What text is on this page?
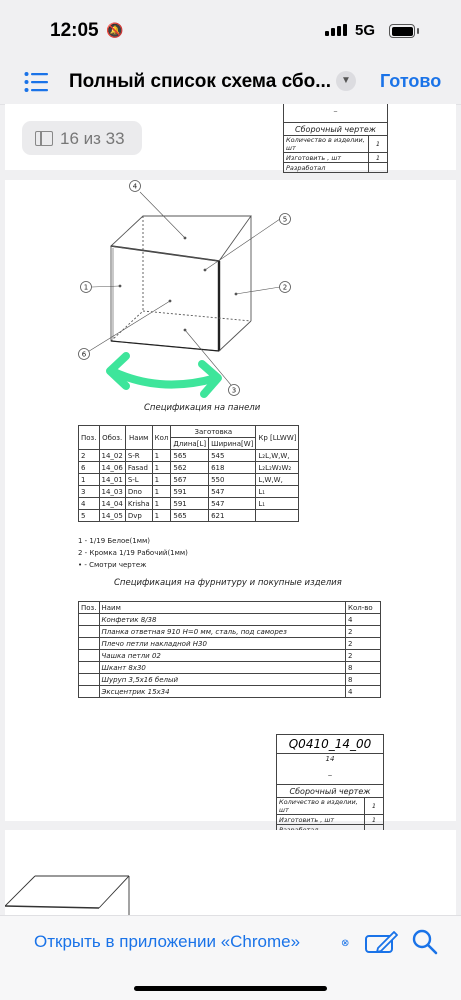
12:05 🔕	5G
Полный список схема сбо... ▼ Готово
16 из 33
_
Сборочный чертеж	
Количество в изделии, шт	1
Изготовить , шт	1
Разработал	
1	2
3
4
5
6
Спецификация на панели
Поз.	Обоз.	Наим	Кол	Заготовка		Кр [LLWW]
				Длина[L]	Ширина[W]	
2	14_02	S-R	1	565	545	L₂L,W,W,
6	14_06	Fasad	1	562	618	L₂L₂W₂W₂
1	14_01	S-L	1	567	550	L,W,W,
3	14_03	Dno	1	591	547	L₁
4	14_04	Krisha	1	591	547	L₁
5	14_05	Dvp	1	565	621	
1 - 1/19 Белое(1мм)
2 - Кромка 1/19 Рабочий(1мм)
• - Смотри чертеж
Спецификация на фурнитуру и покупные изделия
Поз.	Наим	Кол-во
	Конфетик 8/38	4
	Планка ответная 910 H=0 мм, сталь, под саморез	2
	Плечо петли накладной H30	2
	Чашка петли 02	2
	Шкант 8x30	8
	Шуруп 3,5x16 белый	8
	Эксцентрик 15x34	4
Q0410_14_00
14
_
Сборочный чертеж	
Количество в изделии, шт	1
Изготовить , шт	1

Открыть в приложении «Chrome»	⊗
